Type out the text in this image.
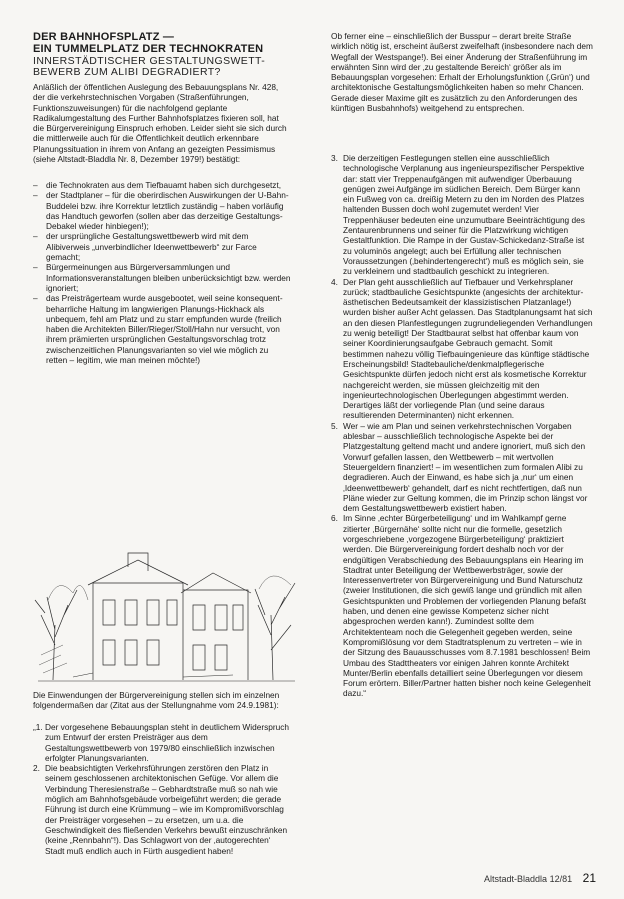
DER BAHNHOFSPLATZ —
EIN TUMMELPLATZ DER TECHNOKRATEN
INNERSTÄDTISCHER GESTALTUNGSWETT-BEWERB ZUM ALIBI DEGRADIERT?

Anläßlich der öffentlichen Auslegung des Bebauungsplans Nr. 428, der die verkehrstechnischen Vorgaben (Straßenführungen, Funktionszuweisungen) für die nachfolgend geplante Radikalumgestaltung des Further Bahnhofsplatzes fixieren soll, hat die Bürgervereinigung Einspruch erhoben. Leider sieht sie sich durch die mittlerweile auch für die Öffentlichkeit deutlich erkennbare Planungssituation in ihrem von Anfang an gezeigten Pessimismus (siehe Altstadt-Bladdla Nr. 8, Dezember 1979!) bestätigt:

– die Technokraten aus dem Tiefbauamt haben sich durchgesetzt,
– der Stadtplaner – für die oberirdischen Auswirkungen der U-Bahn-Buddelei bzw. ihre Korrektur letztlich zuständig – haben vorläufig das Handtuch geworfen (sollen aber das derzeitige Gestaltungs-Debakel wieder hinbiegen!);
– der ursprüngliche Gestaltungswettbewerb wird mit dem Alibiverweis „unverbindlicher Ideenwettbewerb“ zur Farce gemacht;
– Bürgermeinungen aus Bürgerversammlungen und Informationsveranstaltungen bleiben unberücksichtigt bzw. werden ignoriert;
– das Preisträgerteam wurde ausgebootet, weil seine konsequent-beharrliche Haltung im langwierigen Planungs-Hickhack als unbequem, fehl am Platz und zu starr empfunden wurde (freilich haben die Architekten Biller/Rieger/Stoll/Hahn nur versucht, von ihrem prämierten ursprünglichen Gestaltungsvorschlag trotz zwischenzeitlichen Planungsvarianten so viel wie möglich zu retten – legitim, wie man meinen möchte!)

Die Einwendungen der Bürgervereinigung stellen sich im einzelnen folgendermaßen dar (Zitat aus der Stellungnahme vom 24.9.1981):

„1. Der vorgesehene Bebauungsplan steht in deutlichem Widerspruch zum Entwurf der ersten Preisträger aus dem Gestaltungswettbewerb von 1979/80 einschließlich inzwischen erfolgter Planungsvarianten.
2. Die beabsichtigten Verkehrsführungen zerstören den Platz in seinem geschlossenen architektonischen Gefüge. Vor allem die Verbindung Theresienstraße – Gebhardtstraße muß so nah wie möglich am Bahnhofsgebäude vorbeigeführt werden; die gerade Führung ist durch eine Krümmung – wie im Kompromißvorschlag der Preisträger vorgesehen – zu ersetzen, um u.a. die Geschwindigkeit des fließenden Verkehrs bewußt einzuschränken (keine „Rennbahn“!). Das Schlagwort von der ‚autogerechten‘ Stadt muß endlich auch in Fürth ausgedient haben!

Ob ferner eine – einschließlich der Busspur – derart breite Straße wirklich nötig ist, erscheint äußerst zweifelhaft (insbesondere nach dem Wegfall der Westspange!). Bei einer Änderung der Straßenführung im erwähnten Sinn wird der ‚zu gestaltende Bereich‘ größer als im Bebauungsplan vorgesehen: Erhalt der Erholungsfunktion (‚Grün‘) und architektonische Gestaltungsmöglichkeiten haben so mehr Chancen. Gerade dieser Maxime gilt es zusätzlich zu den Anforderungen des künftigen Busbahnhofs) weitgehend zu entsprechen.

3. Die derzeitigen Festlegungen stellen eine ausschließlich technologische Verplanung aus ingenieurspezifischer Perspektive dar: statt vier Treppenaufgängen mit aufwendiger Überbauung genügen zwei Aufgänge im südlichen Bereich. Dem Bürger kann ein Fußweg von ca. dreißig Metern zu den im Norden des Platzes haltenden Bussen doch wohl zugemutet werden! Vier Treppenhäuser bedeuten eine unzumutbare Beeinträchtigung des Zentaurenbrunnens und seiner für die Platzwirkung wichtigen Gestaltfunktion. Die Rampe in der Gustav-Schickedanz-Straße ist zu voluminös angelegt; auch bei Erfüllung aller technischen Voraussetzungen (‚behindertengerecht‘) muß es möglich sein, sie zu verkleinern und stadtbaulich geschickt zu integrieren.
4. Der Plan geht ausschließlich auf Tiefbauer und Verkehrsplaner zurück; stadtbauliche Gesichtspunkte (angesichts der architektur-ästhetischen Bedeutsamkeit der klassizistischen Platzanlage!) wurden bisher außer Acht gelassen. Das Stadtplanungsamt hat sich an den diesen Planfestlegungen zugrundeliegenden Verhandlungen zu wenig beteiligt! Der Stadtbaurat selbst hat offenbar kaum von seiner Koordinierungsaufgabe Gebrauch gemacht. Somit bestimmen nahezu völlig Tiefbauingenieure das künftige städtische Erscheinungsbild! Stadtebauliche/denkmalpflegerische Gesichtspunkte dürfen jedoch nicht erst als kosmetische Korrektur nachgereicht werden, sie müssen gleichzeitig mit den ingenieurtechnologischen Überlegungen abgestimmt werden. Derartiges läßt der vorliegende Plan (und seine daraus resultierenden Determinanten) nicht erkennen.
5. Wer – wie am Plan und seinen verkehrstechnischen Vorgaben ablesbar – ausschließlich technologische Aspekte bei der Platzgestaltung geltend macht und andere ignoriert, muß sich den Vorwurf gefallen lassen, den Wettbewerb – mit wertvollen Steuergeldern finanziert! – im wesentlichen zum formalen Alibi zu degradieren. Auch der Einwand, es habe sich ja ‚nur‘ um einen ‚Ideenwettbewerb‘ gehandelt, darf es nicht rechtfertigen, daß nun Pläne wieder zur Geltung kommen, die im Prinzip schon längst vor dem Gestaltungswettbewerb existiert haben.
6. Im Sinne ‚echter Bürgerbeteiligung‘ und im Wahlkampf gerne zitierter ‚Bürgernähe‘ sollte nicht nur die formelle, gesetzlich vorgeschriebene ‚vorgezogene Bürgerbeteiligung‘ praktiziert werden. Die Bürgervereinigung fordert deshalb noch vor der endgültigen Verabschiedung des Bebauungsplans ein Hearing im Stadtrat unter Beteiligung der Wettbewerbsträger, sowie der Interessenvertreter von Bürgervereinigung und Bund Naturschutz (zweier Institutionen, die sich gewiß lange und gründlich mit allen Gesichtspunkten und Problemen der vorliegenden Planung befaßt haben, und denen eine gewisse Kompetenz sicher nicht abgesprochen werden kann!). Zumindest sollte dem Architektenteam noch die Gelegenheit gegeben werden, seine Kompromißlösung vor dem Stadtratsplenum zu vertreten – wie in der Sitzung des Bauausschusses vom 8.7.1981 beschlossen! Beim Umbau des Stadttheaters vor einigen Jahren konnte Architekt Munter/Berlin ebenfalls detailliert seine Überlegungen vor diesem Forum erörtern. Biller/Partner hatten bisher noch keine Gelegenheit dazu.“
Altstadt-Bladdla 12/81 21
